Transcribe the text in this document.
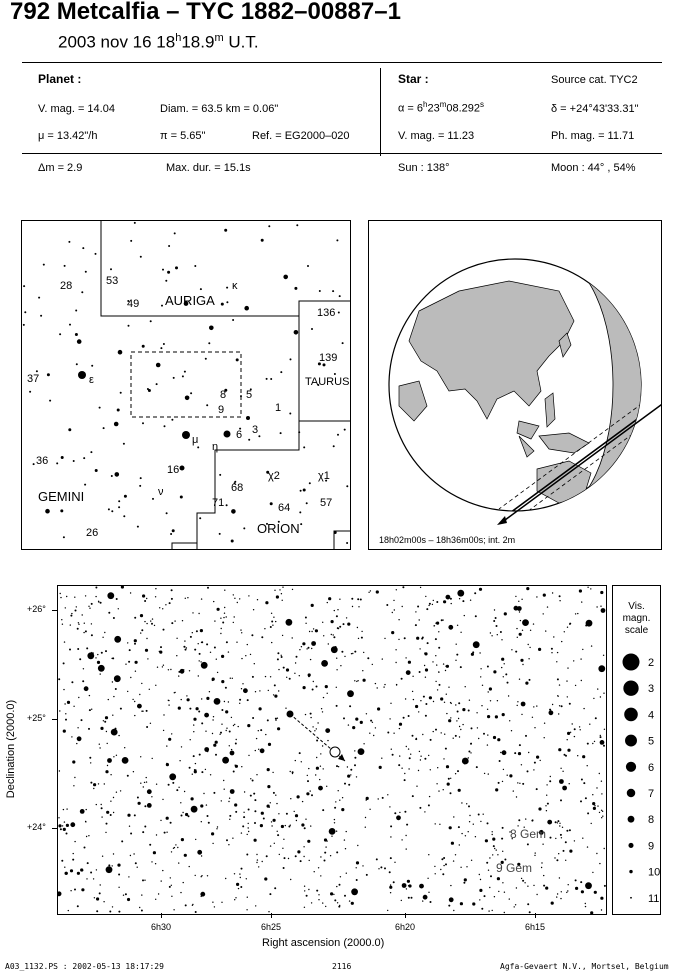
792 Metcalfia – TYC 1882–00887–1
2003 nov 16 18$^h$18.9$^m$ U.T.
Planet :
V. mag. = 14.04	Diam. = 63.5 km = 0.06"
μ = 13.42"/h	π = 5.65"	Ref. = EG2000–020
Star :	Source cat. TYC2
$\alpha = 6^h23^m08.292^s$	δ = +24°43'33.31"
V. mag. = 11.23	Ph. mag. = 11.71
Δm = 2.9	Max. dur. = 15.1s	Sun : 138°	Moon : 44° , 54%
AURIGA
TAURUS
GEMINI
ORION
28	53
49
κ
136
139
37	ε
8 5
9	1
μ	6 3
η
36
16
ν
χ2	χ1
68
71	64	57
26
18h02m00s – 18h36m00s; int. 2m
8 Gem
9 Gem
+26°
+25°
+24°
6h30	6h25	6h20	6h15
Right ascension (2000.0)
Declination (2000.0)
Vis.
magn.
scale
2
3
4
5
6
7
8
9
10
11
A03_1132.PS : 2002-05-13 18:17:29	2116	Agfa-Gevaert N.V., Mortsel, Belgium
